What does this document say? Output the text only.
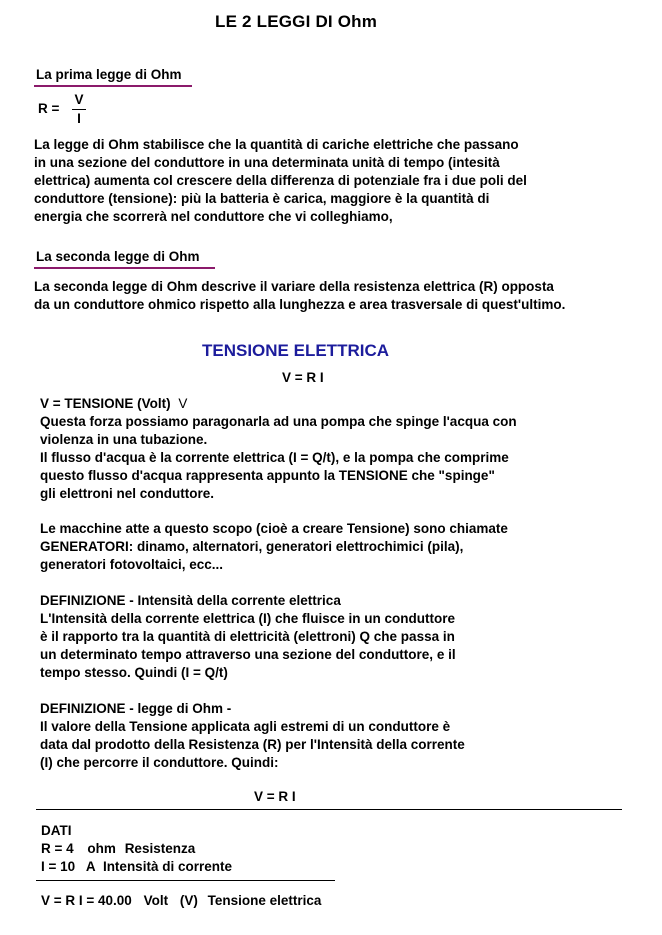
LE 2 LEGGI DI Ohm
La prima legge di Ohm
R =
V
I
La legge di Ohm stabilisce che la quantità di cariche elettriche che passano
in una sezione del conduttore in una determinata unità di tempo (intesità
elettrica) aumenta col crescere della differenza di potenziale fra i due poli del
conduttore (tensione): più la batteria è carica, maggiore è la quantità di
energia che scorrerà nel conduttore che vi colleghiamo,
La seconda legge di Ohm
La seconda legge di Ohm descrive il variare della resistenza elettrica (R) opposta
da un conduttore ohmico rispetto alla lunghezza e area trasversale di quest'ultimo.
TENSIONE ELETTRICA
V = R I
V = TENSIONE (Volt) V
Questa forza possiamo paragonarla ad una pompa che spinge l'acqua con
violenza in una tubazione.
Il flusso d'acqua è la corrente elettrica (I = Q/t), e la pompa che comprime
questo flusso d'acqua rappresenta appunto la TENSIONE che "spinge"
gli elettroni nel conduttore.
Le macchine atte a questo scopo (cioè a creare Tensione) sono chiamate
GENERATORI: dinamo, alternatori, generatori elettrochimici (pila),
generatori fotovoltaici, ecc...
DEFINIZIONE - Intensità della corrente elettrica
L'Intensità della corrente elettrica (I) che fluisce in un conduttore
è il rapporto tra la quantità di elettricità (elettroni) Q che passa in
un determinato tempo attraverso una sezione del conduttore, e il
tempo stesso. Quindi (I = Q/t)
DEFINIZIONE - legge di Ohm -
Il valore della Tensione applicata agli estremi di un conduttore è
data dal prodotto della Resistenza (R) per l'Intensità della corrente
(I) che percorre il conduttore. Quindi:
V = R I
DATI
R = 4 ohm Resistenza
I = 10 A Intensità di corrente
V = R I = 40.00 Volt (V) Tensione elettrica
